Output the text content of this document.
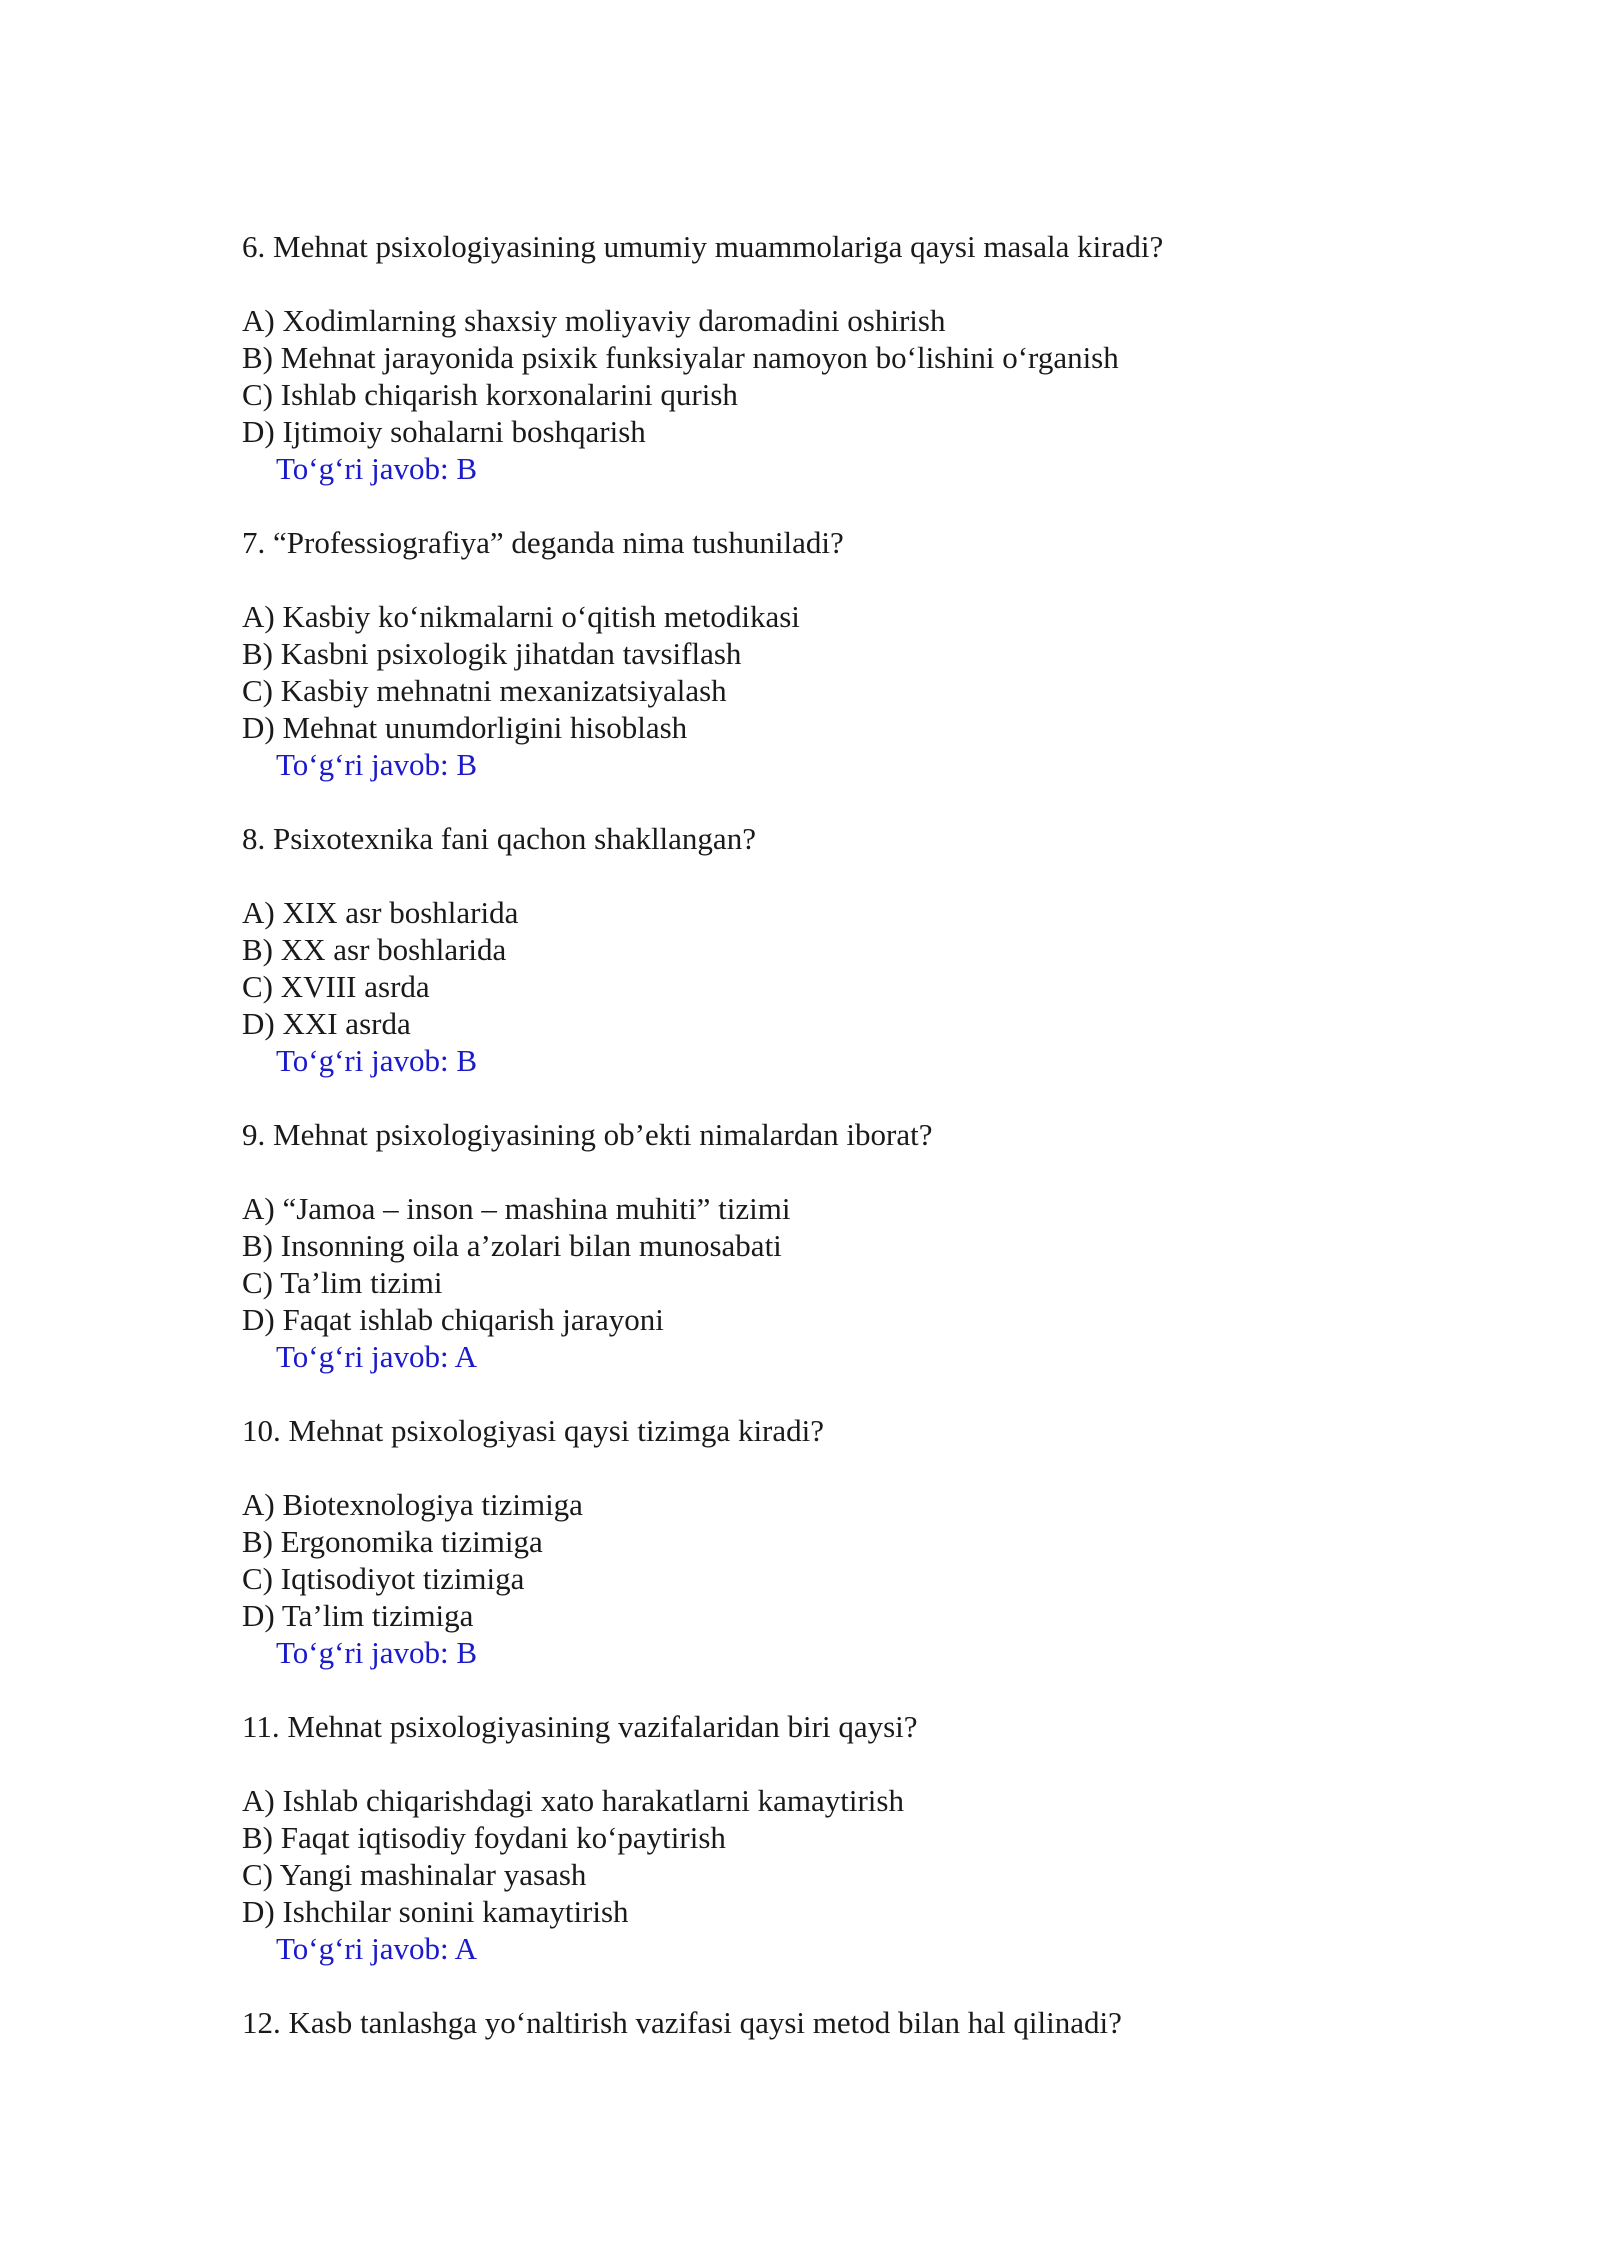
6. Mehnat psixologiyasining umumiy muammolariga qaysi masala kiradi?
A) Xodimlarning shaxsiy moliyaviy daromadini oshirish
B) Mehnat jarayonida psixik funksiyalar namoyon bo‘lishini o‘rganish
C) Ishlab chiqarish korxonalarini qurish
D) Ijtimoiy sohalarni boshqarish
To‘g‘ri javob: B
7. “Professiografiya” deganda nima tushuniladi?
A) Kasbiy ko‘nikmalarni o‘qitish metodikasi
B) Kasbni psixologik jihatdan tavsiflash
C) Kasbiy mehnatni mexanizatsiyalash
D) Mehnat unumdorligini hisoblash
To‘g‘ri javob: B
8. Psixotexnika fani qachon shakllangan?
A) XIX asr boshlarida
B) XX asr boshlarida
C) XVIII asrda
D) XXI asrda
To‘g‘ri javob: B
9. Mehnat psixologiyasining ob’ekti nimalardan iborat?
A) “Jamoa – inson – mashina muhiti” tizimi
B) Insonning oila a’zolari bilan munosabati
C) Ta’lim tizimi
D) Faqat ishlab chiqarish jarayoni
To‘g‘ri javob: A
10. Mehnat psixologiyasi qaysi tizimga kiradi?
A) Biotexnologiya tizimiga
B) Ergonomika tizimiga
C) Iqtisodiyot tizimiga
D) Ta’lim tizimiga
To‘g‘ri javob: B
11. Mehnat psixologiyasining vazifalaridan biri qaysi?
A) Ishlab chiqarishdagi xato harakatlarni kamaytirish
B) Faqat iqtisodiy foydani ko‘paytirish
C) Yangi mashinalar yasash
D) Ishchilar sonini kamaytirish
To‘g‘ri javob: A
12. Kasb tanlashga yo‘naltirish vazifasi qaysi metod bilan hal qilinadi?
